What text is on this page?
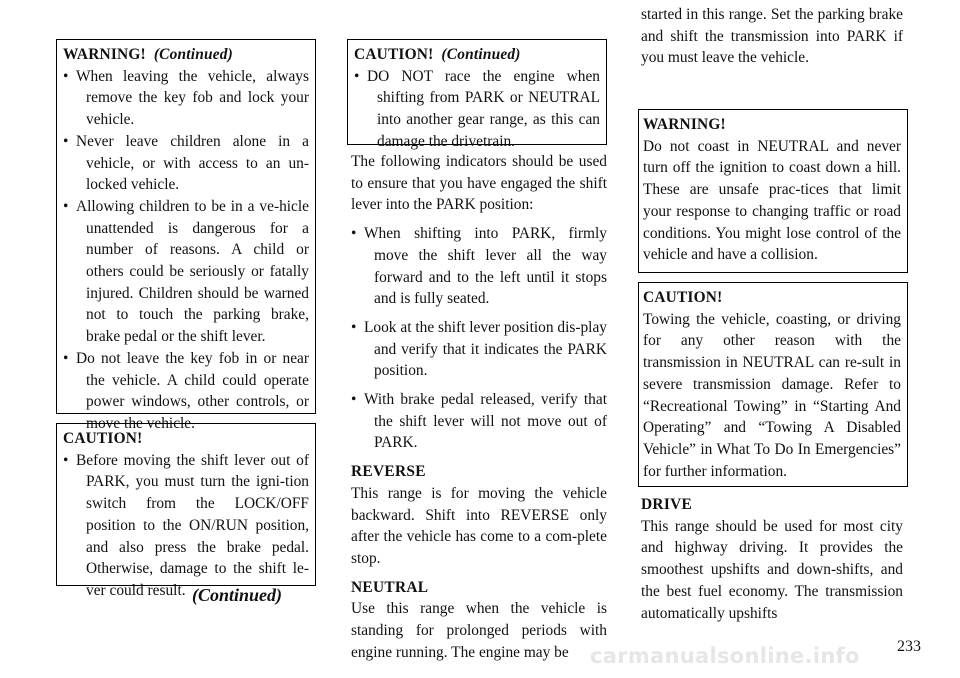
WARNING! (Continued)
• When leaving the vehicle, always remove the key fob and lock your vehicle.
• Never leave children alone in a vehicle, or with access to an un-locked vehicle.
• Allowing children to be in a ve-hicle unattended is dangerous for a number of reasons. A child or others could be seriously or fatally injured. Children should be warned not to touch the parking brake, brake pedal or the shift lever.
• Do not leave the key fob in or near the vehicle. A child could operate power windows, other controls, or move the vehicle.
CAUTION!
• Before moving the shift lever out of PARK, you must turn the igni-tion switch from the LOCK/OFF position to the ON/RUN position, and also press the brake pedal. Otherwise, damage to the shift le-ver could result. (Continued)
CAUTION! (Continued)
• DO NOT race the engine when shifting from PARK or NEUTRAL into another gear range, as this can damage the drivetrain.

The following indicators should be used to ensure that you have engaged the shift lever into the PARK position:

• When shifting into PARK, firmly move the shift lever all the way forward and to the left until it stops and is fully seated.
• Look at the shift lever position dis-play and verify that it indicates the PARK position.
• With brake pedal released, verify that the shift lever will not move out of PARK.
REVERSE

This range is for moving the vehicle backward. Shift into REVERSE only after the vehicle has come to a com-plete stop.

NEUTRAL

Use this range when the vehicle is standing for prolonged periods with engine running. The engine may be

started in this range. Set the parking brake and shift the transmission into PARK if you must leave the vehicle.

WARNING!

Do not coast in NEUTRAL and never turn off the ignition to coast down a hill. These are unsafe prac-tices that limit your response to changing traffic or road conditions. You might lose control of the vehicle and have a collision.

CAUTION!

Towing the vehicle, coasting, or driving for any other reason with the transmission in NEUTRAL can re-sult in severe transmission damage. Refer to “Recreational Towing” in “Starting And Operating” and “Towing A Disabled Vehicle” in What To Do In Emergencies” for further information.

DRIVE

This range should be used for most city and highway driving. It provides the smoothest upshifts and down-shifts, and the best fuel economy. The transmission automatically upshifts

233
carmanualsonline.info
